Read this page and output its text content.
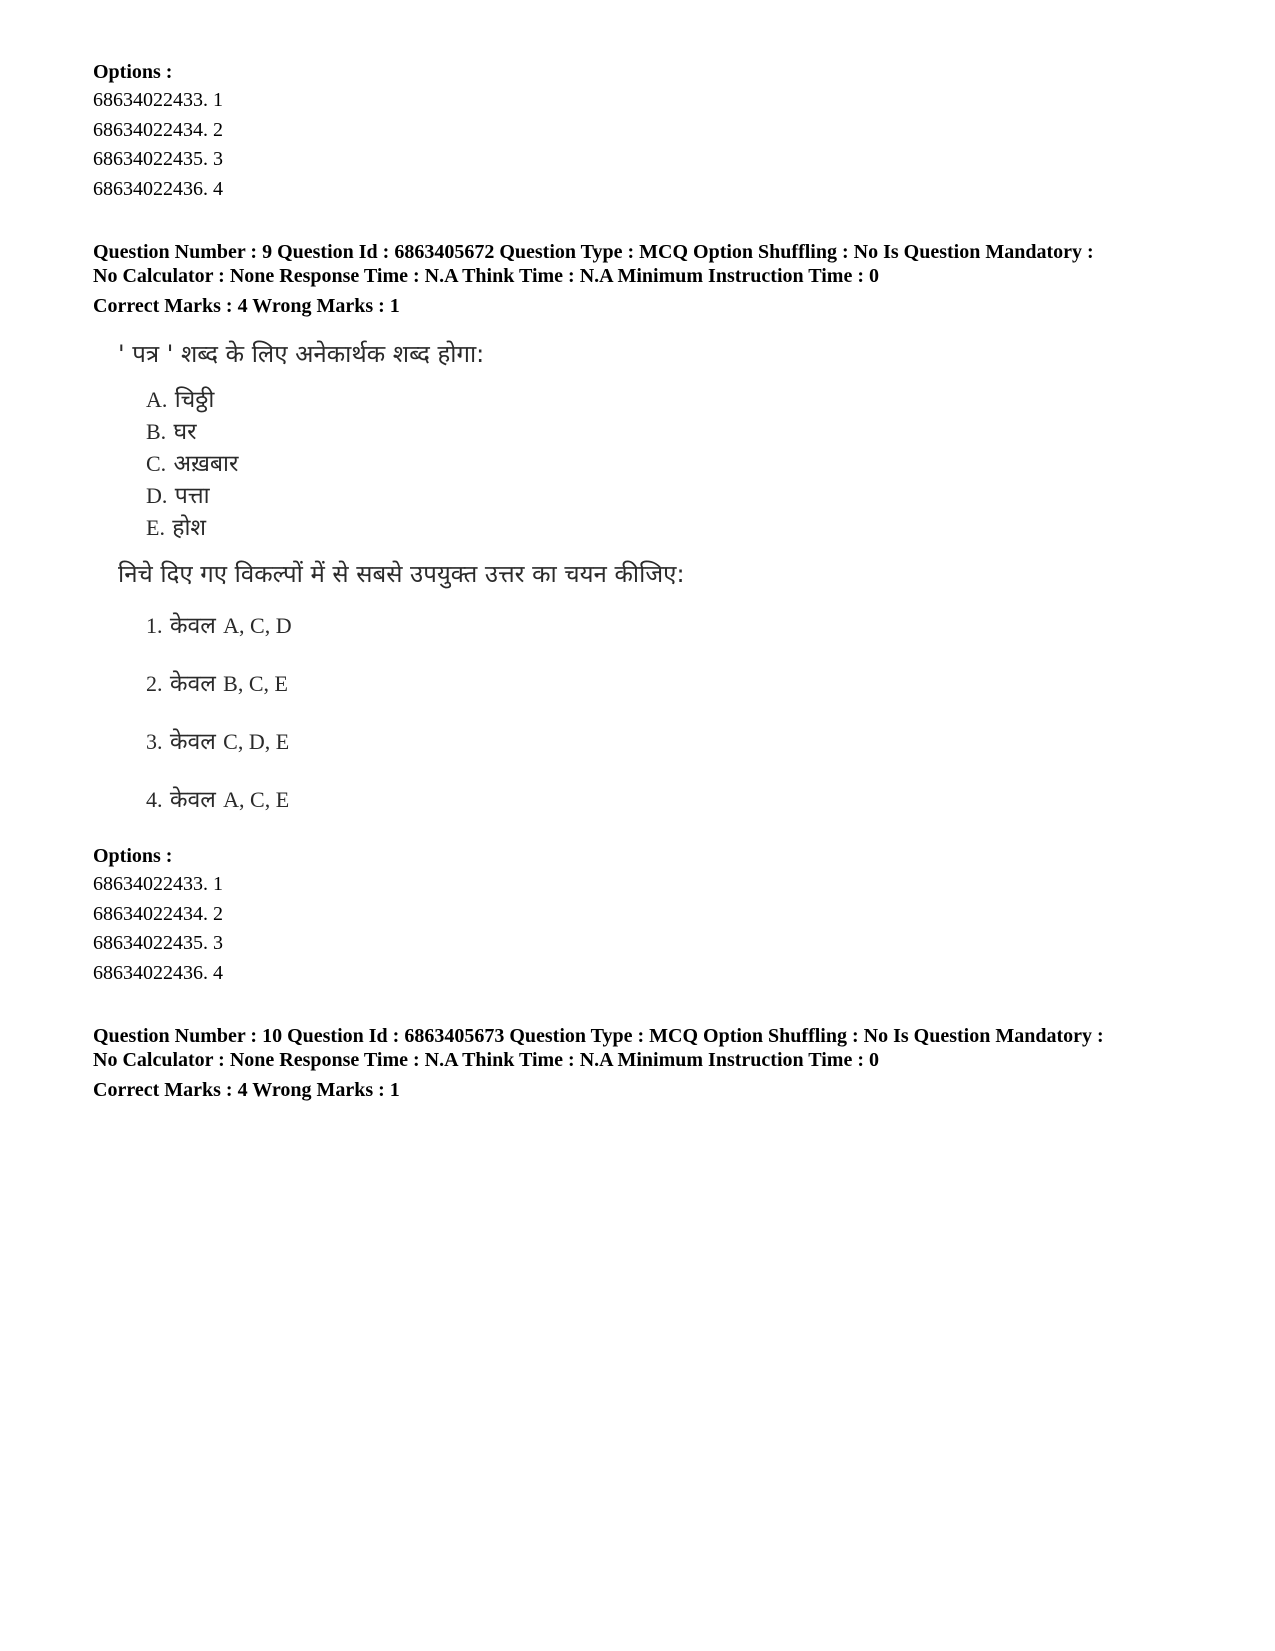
Options :
68634022433. 1
68634022434. 2
68634022435. 3
68634022436. 4
Question Number : 9 Question Id : 6863405672 Question Type : MCQ Option Shuffling : No Is Question Mandatory :
No Calculator : None Response Time : N.A Think Time : N.A Minimum Instruction Time : 0
Correct Marks : 4 Wrong Marks : 1
' पत्र ' शब्द के लिए अनेकार्थक शब्द होगा:
A. चिठ्ठी
B. घर
C. अख़बार
D. पत्ता
E. होश
निचे दिए गए विकल्पों में से सबसे उपयुक्त उत्तर का चयन कीजिए:
1. केवल A, C, D
2. केवल B, C, E
3. केवल C, D, E
4. केवल A, C, E
Options :
68634022433. 1
68634022434. 2
68634022435. 3
68634022436. 4
Question Number : 10 Question Id : 6863405673 Question Type : MCQ Option Shuffling : No Is Question Mandatory :
No Calculator : None Response Time : N.A Think Time : N.A Minimum Instruction Time : 0
Correct Marks : 4 Wrong Marks : 1
